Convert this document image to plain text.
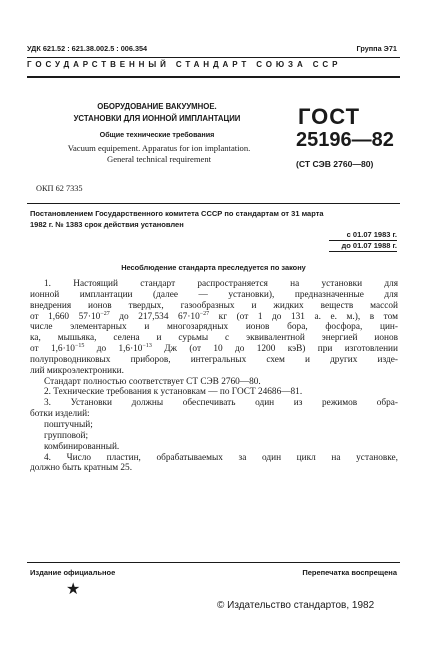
УДК 621.52 : 621.38.002.5 : 006.354	Группа Э71
ГОСУДАРСТВЕННЫЙ СТАНДАРТ СОЮЗА ССР
ОБОРУДОВАНИЕ ВАКУУМНОЕ.
УСТАНОВКИ ДЛЯ ИОННОЙ ИМПЛАНТАЦИИ
Общие технические требования
Vacuum equipement. Apparatus for ion implantation.
General technical requirement
ГОСТ
25196—82
(СТ СЭВ 2760—80)
ОКП 62 7335
Постановлением Государственного комитета СССР по стандартам от 31 марта
1982 г. № 1383 срок действия установлен
с 01.07 1983 г.
до 01.07 1988 г.
Несоблюдение стандарта преследуется по закону

1. Настоящий стандарт распространяется на установки для

ионной имплантации (далее — установки), предназначенные для

внедрения ионов твердых, газообразных и жидких веществ массой

от 1,660 $57\cdot 10^{-27}$ до 217,534 $67\cdot 10^{-27}$ кг (от 1 до 131 а. е. м.), в том

числе элементарных и многозарядных ионов бора, фосфора, цин-

ка, мышьяка, селена и сурьмы с эквивалентной энергией ионов

от $1,6\cdot 10^{-15}$ до $1,6\cdot 10^{-13}$ Дж (от 10 до 1200 кэВ) при изготовлении

полупроводниковых приборов, интегральных схем и других изде-

лий микроэлектроники.

Стандарт полностью соответствует СТ СЭВ 2760—80.

2. Технические требования к установкам — по ГОСТ 24686—81.

3. Установки должны обеспечивать один из режимов обра-

ботки изделий:

поштучный;

групповой;

комбинированный.

4. Число пластин, обрабатываемых за один цикл на установке,

должно быть кратным 25.

Издание официальное	Перепечатка воспрещена
★
© Издательство стандартов, 1982
